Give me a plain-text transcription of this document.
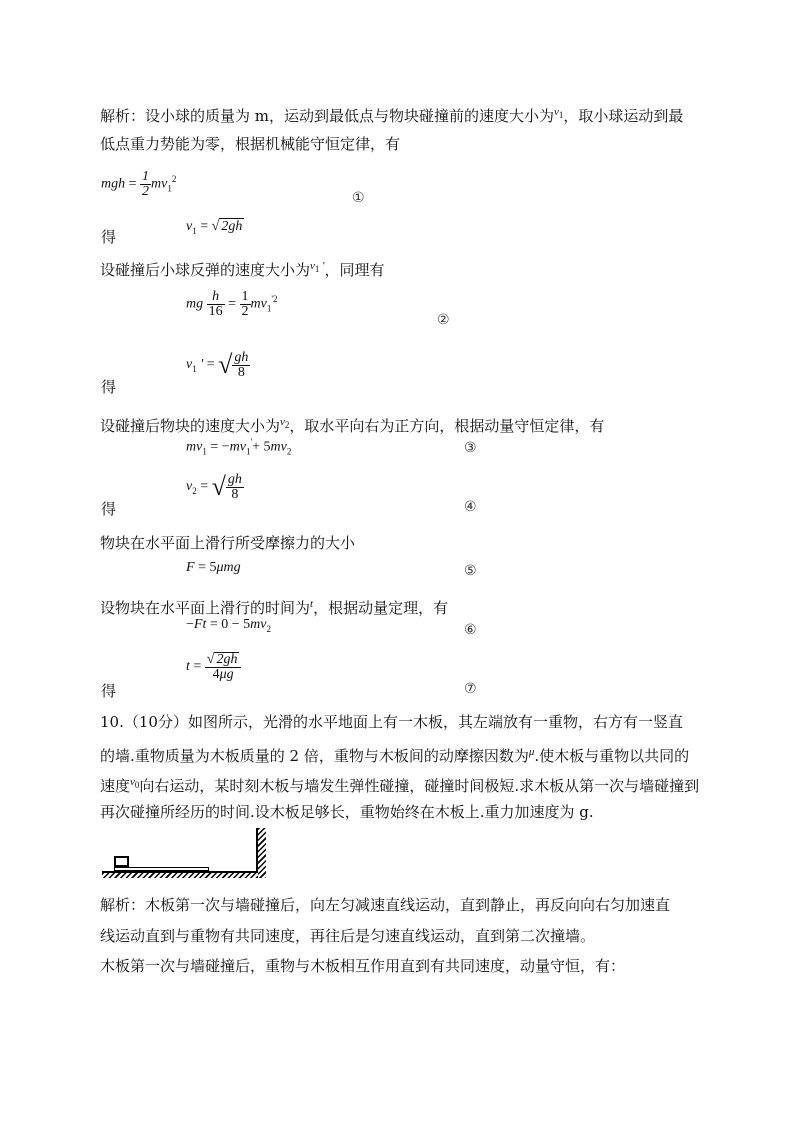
解析：设小球的质量为 m，运动到最低点与物块碰撞前的速度大小为$^{v_1}$，取小球运动到最
低点重力势能为零，根据机械能守恒定律，有
mgh = $\frac{1}{2} mv_1^2$
①
得
$v_1$ = √ 2gh
设碰撞后小球反弹的速度大小为$^{v_1 '}$，同理有
mg $\frac{h}{16} = \frac{1}{2} mv_1^{'2}$
②
得
$v_1$ ' = √ $\frac{gh}{8}$
设碰撞后物块的速度大小为$^{v_2}$，取水平向右为正方向，根据动量守恒定律，有
$mv_1 = -mv_1'+ 5mv_2$	③
得
$v_2$ = √ $\frac{gh}{8}$
④
物块在水平面上滑行所受摩擦力的大小
F = 5μmg	⑤
设物块在水平面上滑行的时间为$^t$，根据动量定理，有
$-Ft = 0 - 5mv_2$	⑥
得
$t = \frac{√ 2gh}{4\mu g}$
⑦
10.（10分）如图所示，光滑的水平地面上有一木板，其左端放有一重物，右方有一竖直
的墙.重物质量为木板质量的 2 倍，重物与木板间的动摩擦因数为$^\mu$.使木板与重物以共同的
速度$^{v_0}$向右运动，某时刻木板与墙发生弹性碰撞，碰撞时间极短.求木板从第一次与墙碰撞到
再次碰撞所经历的时间.设木板足够长，重物始终在木板上.重力加速度为 g.
解析：木板第一次与墙碰撞后，向左匀减速直线运动，直到静止，再反向向右匀加速直
线运动直到与重物有共同速度，再往后是匀速直线运动，直到第二次撞墙。
木板第一次与墙碰撞后，重物与木板相互作用直到有共同速度，动量守恒，有：
